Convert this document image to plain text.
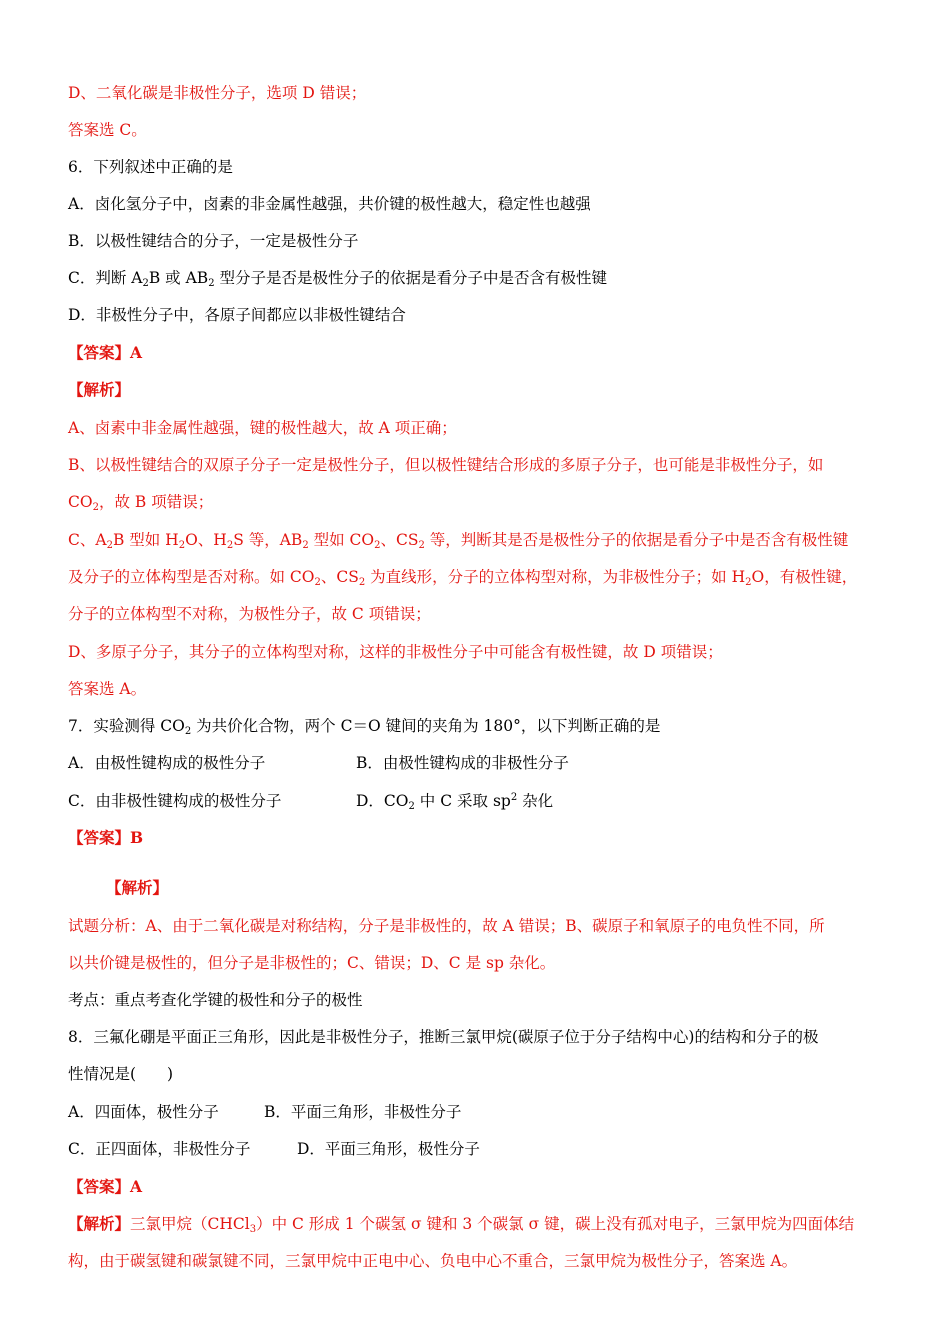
D、二氧化碳是非极性分子，选项 D 错误；
答案选 C。
6．下列叙述中正确的是
A．卤化氢分子中，卤素的非金属性越强，共价键的极性越大，稳定性也越强
B．以极性键结合的分子，一定是极性分子
C．判断 $A_2B$ 或 $AB_2$ 型分子是否是极性分子的依据是看分子中是否含有极性键
D．非极性分子中，各原子间都应以非极性键结合
【答案】A
【解析】
A、卤素中非金属性越强，键的极性越大，故 A 项正确；
B、以极性键结合的双原子分子一定是极性分子，但以极性键结合形成的多原子分子，也可能是非极性分子，如
$CO_2$，故 B 项错误；
C、$A_2B$ 型如 $H_2O$、$H_2S$ 等，$AB_2$ 型如 $CO_2$、$CS_2$ 等，判断其是否是极性分子的依据是看分子中是否含有极性键
及分子的立体构型是否对称。如 $CO_2$、$CS_2$ 为直线形，分子的立体构型对称，为非极性分子；如 $H_2O$，有极性键，
分子的立体构型不对称，为极性分子，故 C 项错误；
D、多原子分子，其分子的立体构型对称，这样的非极性分子中可能含有极性键，故 D 项错误；
答案选 A。
7．实验测得 $CO_2$ 为共价化合物，两个 C＝O 键间的夹角为 180°，以下判断正确的是
A．由极性键构成的极性分子	B．由极性键构成的非极性分子
C．由非极性键构成的极性分子	D．$CO_2$ 中 C 采取 $sp^2$ 杂化
【答案】B
【解析】
试题分析：A、由于二氧化碳是对称结构，分子是非极性的，故 A 错误；B、碳原子和氧原子的电负性不同，所
以共价键是极性的，但分子是非极性的；C、错误；D、C 是 sp 杂化。
考点：重点考查化学键的极性和分子的极性
8．三氟化硼是平面正三角形，因此是非极性分子，推断三氯甲烷(碳原子位于分子结构中心)的结构和分子的极
性情况是(　　)
A．四面体，极性分子	B．平面三角形，非极性分子
C．正四面体，非极性分子	D．平面三角形，极性分子
【答案】A
【解析】三氯甲烷（CHCl$_3$）中 C 形成 1 个碳氢 σ 键和 3 个碳氯 σ 键，碳上没有孤对电子，三氯甲烷为四面体结
构，由于碳氢键和碳氯键不同，三氯甲烷中正电中心、负电中心不重合，三氯甲烷为极性分子，答案选 A。
